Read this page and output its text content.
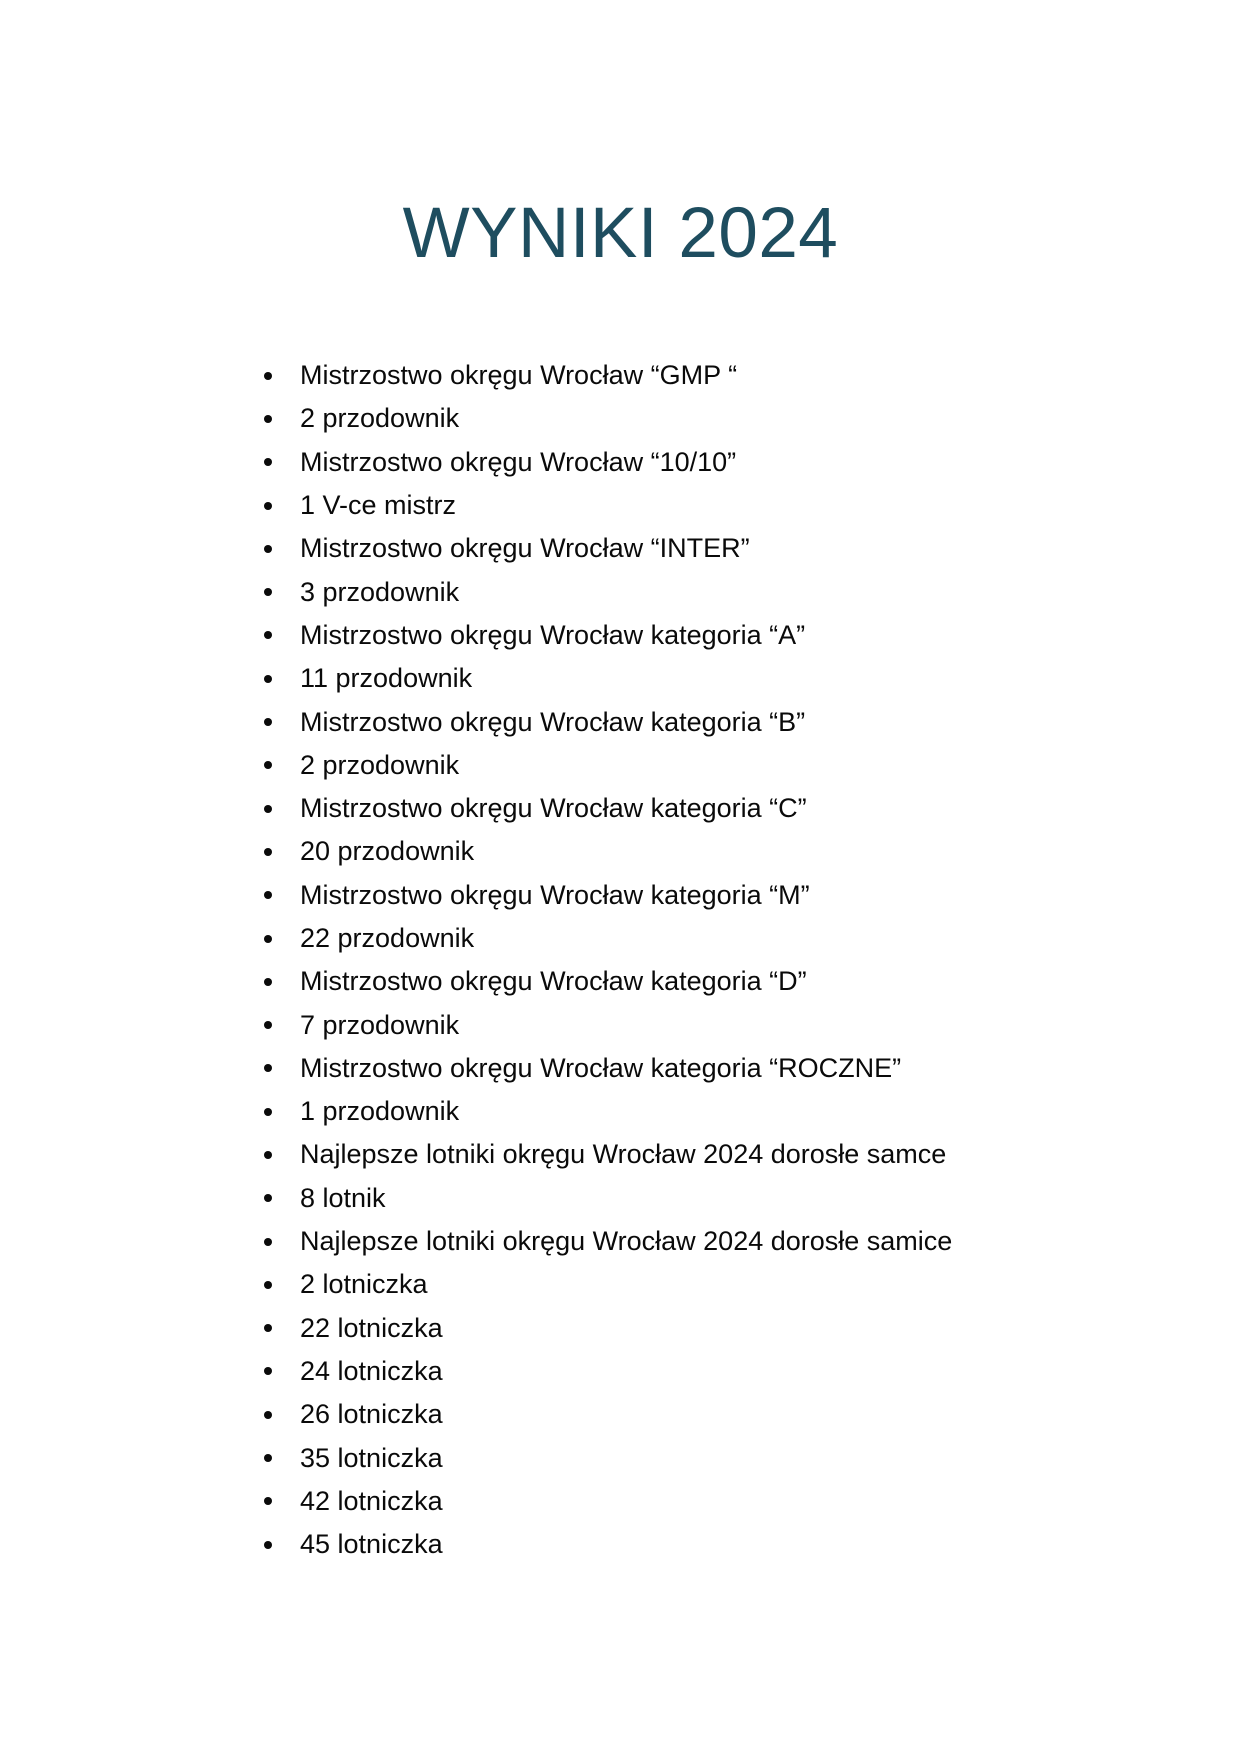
WYNIKI 2024
Mistrzostwo okręgu Wrocław “GMP “
2 przodownik
Mistrzostwo okręgu Wrocław “10/10”
1 V-ce mistrz
Mistrzostwo okręgu Wrocław “INTER”
3 przodownik
Mistrzostwo okręgu Wrocław kategoria “A”
11 przodownik
Mistrzostwo okręgu Wrocław kategoria “B”
2 przodownik
Mistrzostwo okręgu Wrocław kategoria “C”
20 przodownik
Mistrzostwo okręgu Wrocław kategoria “M”
22 przodownik
Mistrzostwo okręgu Wrocław kategoria “D”
7 przodownik
Mistrzostwo okręgu Wrocław kategoria “ROCZNE”
1 przodownik
Najlepsze lotniki okręgu Wrocław 2024 dorosłe samce
8 lotnik
Najlepsze lotniki okręgu Wrocław 2024 dorosłe samice
2 lotniczka
22 lotniczka
24 lotniczka
26 lotniczka
35 lotniczka
42 lotniczka
45 lotniczka
